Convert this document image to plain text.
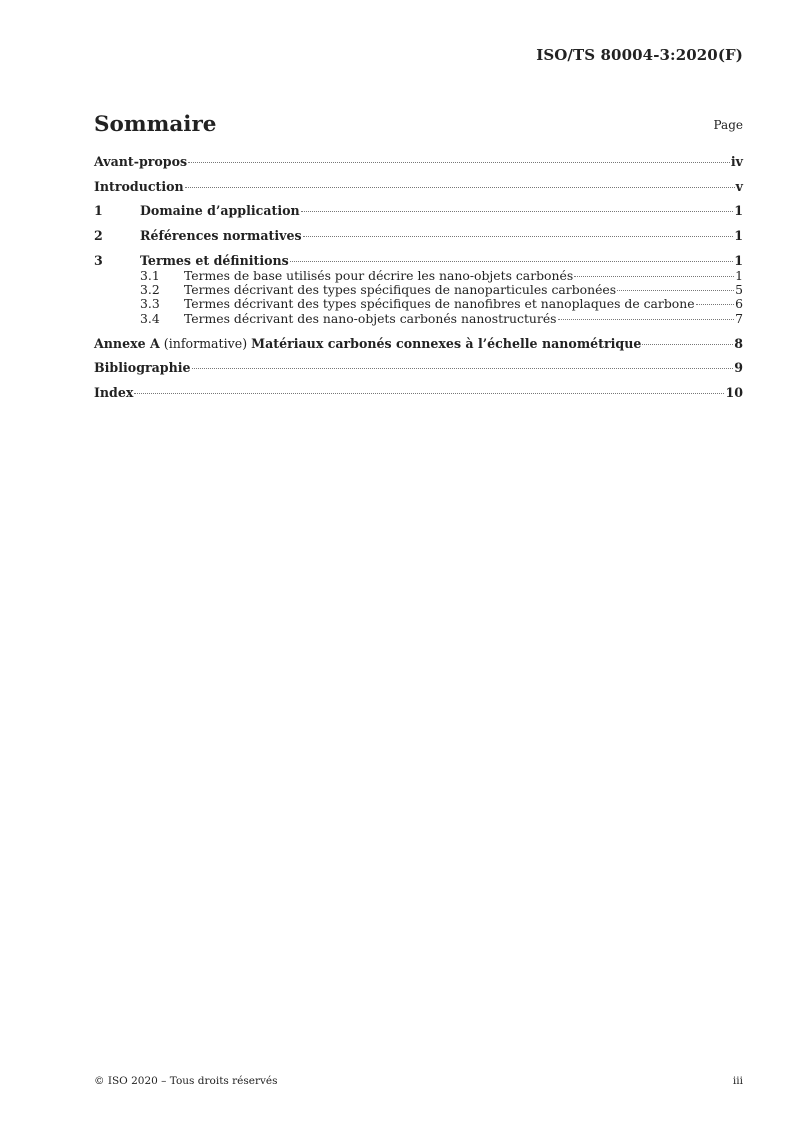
ISO/TS 80004-3:2020(F)
Sommaire	Page
Avant-propos	iv
Introduction	v
1	Domaine d’application	1
2	Références normatives	1
3	Termes et définitions	1
3.1	Termes de base utilisés pour décrire les nano-objets carbonés	1
3.2	Termes décrivant des types spécifiques de nanoparticules carbonées	5
3.3	Termes décrivant des types spécifiques de nanofibres et nanoplaques de carbone	6
3.4	Termes décrivant des nano-objets carbonés nanostructurés	7
Annexe A (informative) Matériaux carbonés connexes à l’échelle nanométrique	8
Bibliographie	9
Index	10
© ISO 2020 – Tous droits réservés	iii
